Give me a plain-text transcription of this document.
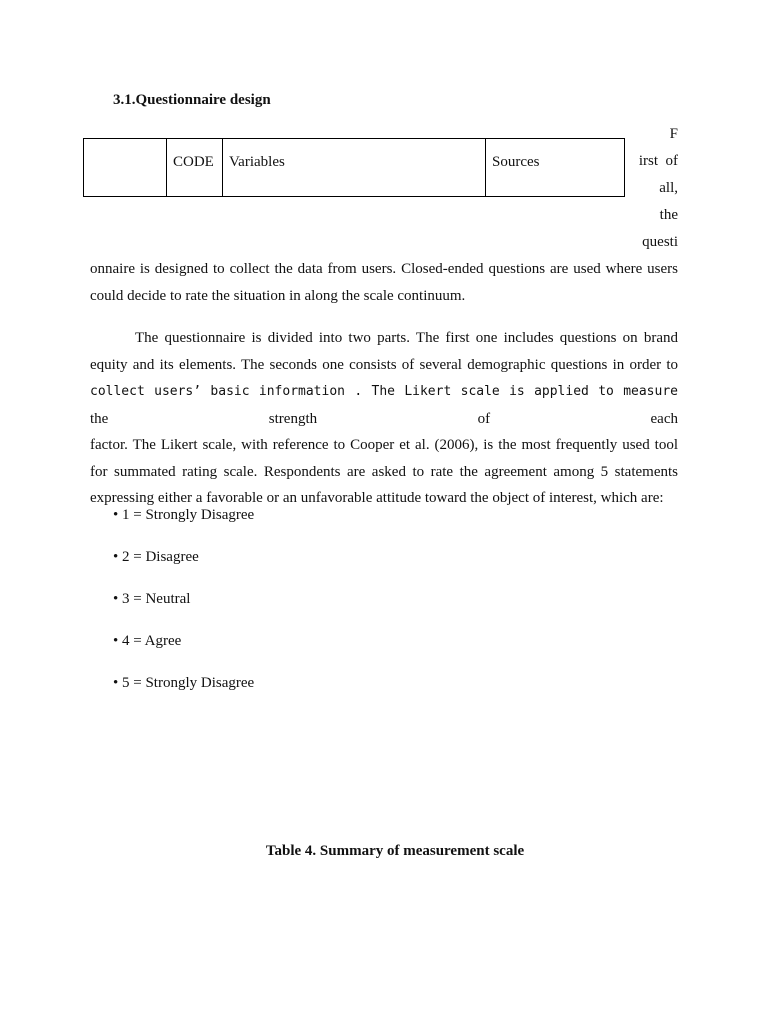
3.1.Questionnaire design
	CODE	Variables	Sources
F
irst  of
all,
the
questi
onnaire is designed to collect the data from users. Closed-ended questions are used where users
could decide to rate the situation in along the scale continuum.
The questionnaire is divided into two parts. The first one includes questions on brand
equity and its elements. The seconds one consists of several demographic questions in order to
collect users’ basic information . The Likert scale is applied to measure the strength of each
factor. The Likert scale, with reference to Cooper et al. (2006), is the most frequently used tool
for summated rating scale. Respondents are asked to rate the agreement among 5 statements
expressing either a favorable or an unfavorable attitude toward the object of interest, which are:
• 1 = Strongly Disagree
• 2 = Disagree
• 3 = Neutral
• 4 = Agree
• 5 = Strongly Disagree
Table 4. Summary of measurement scale
